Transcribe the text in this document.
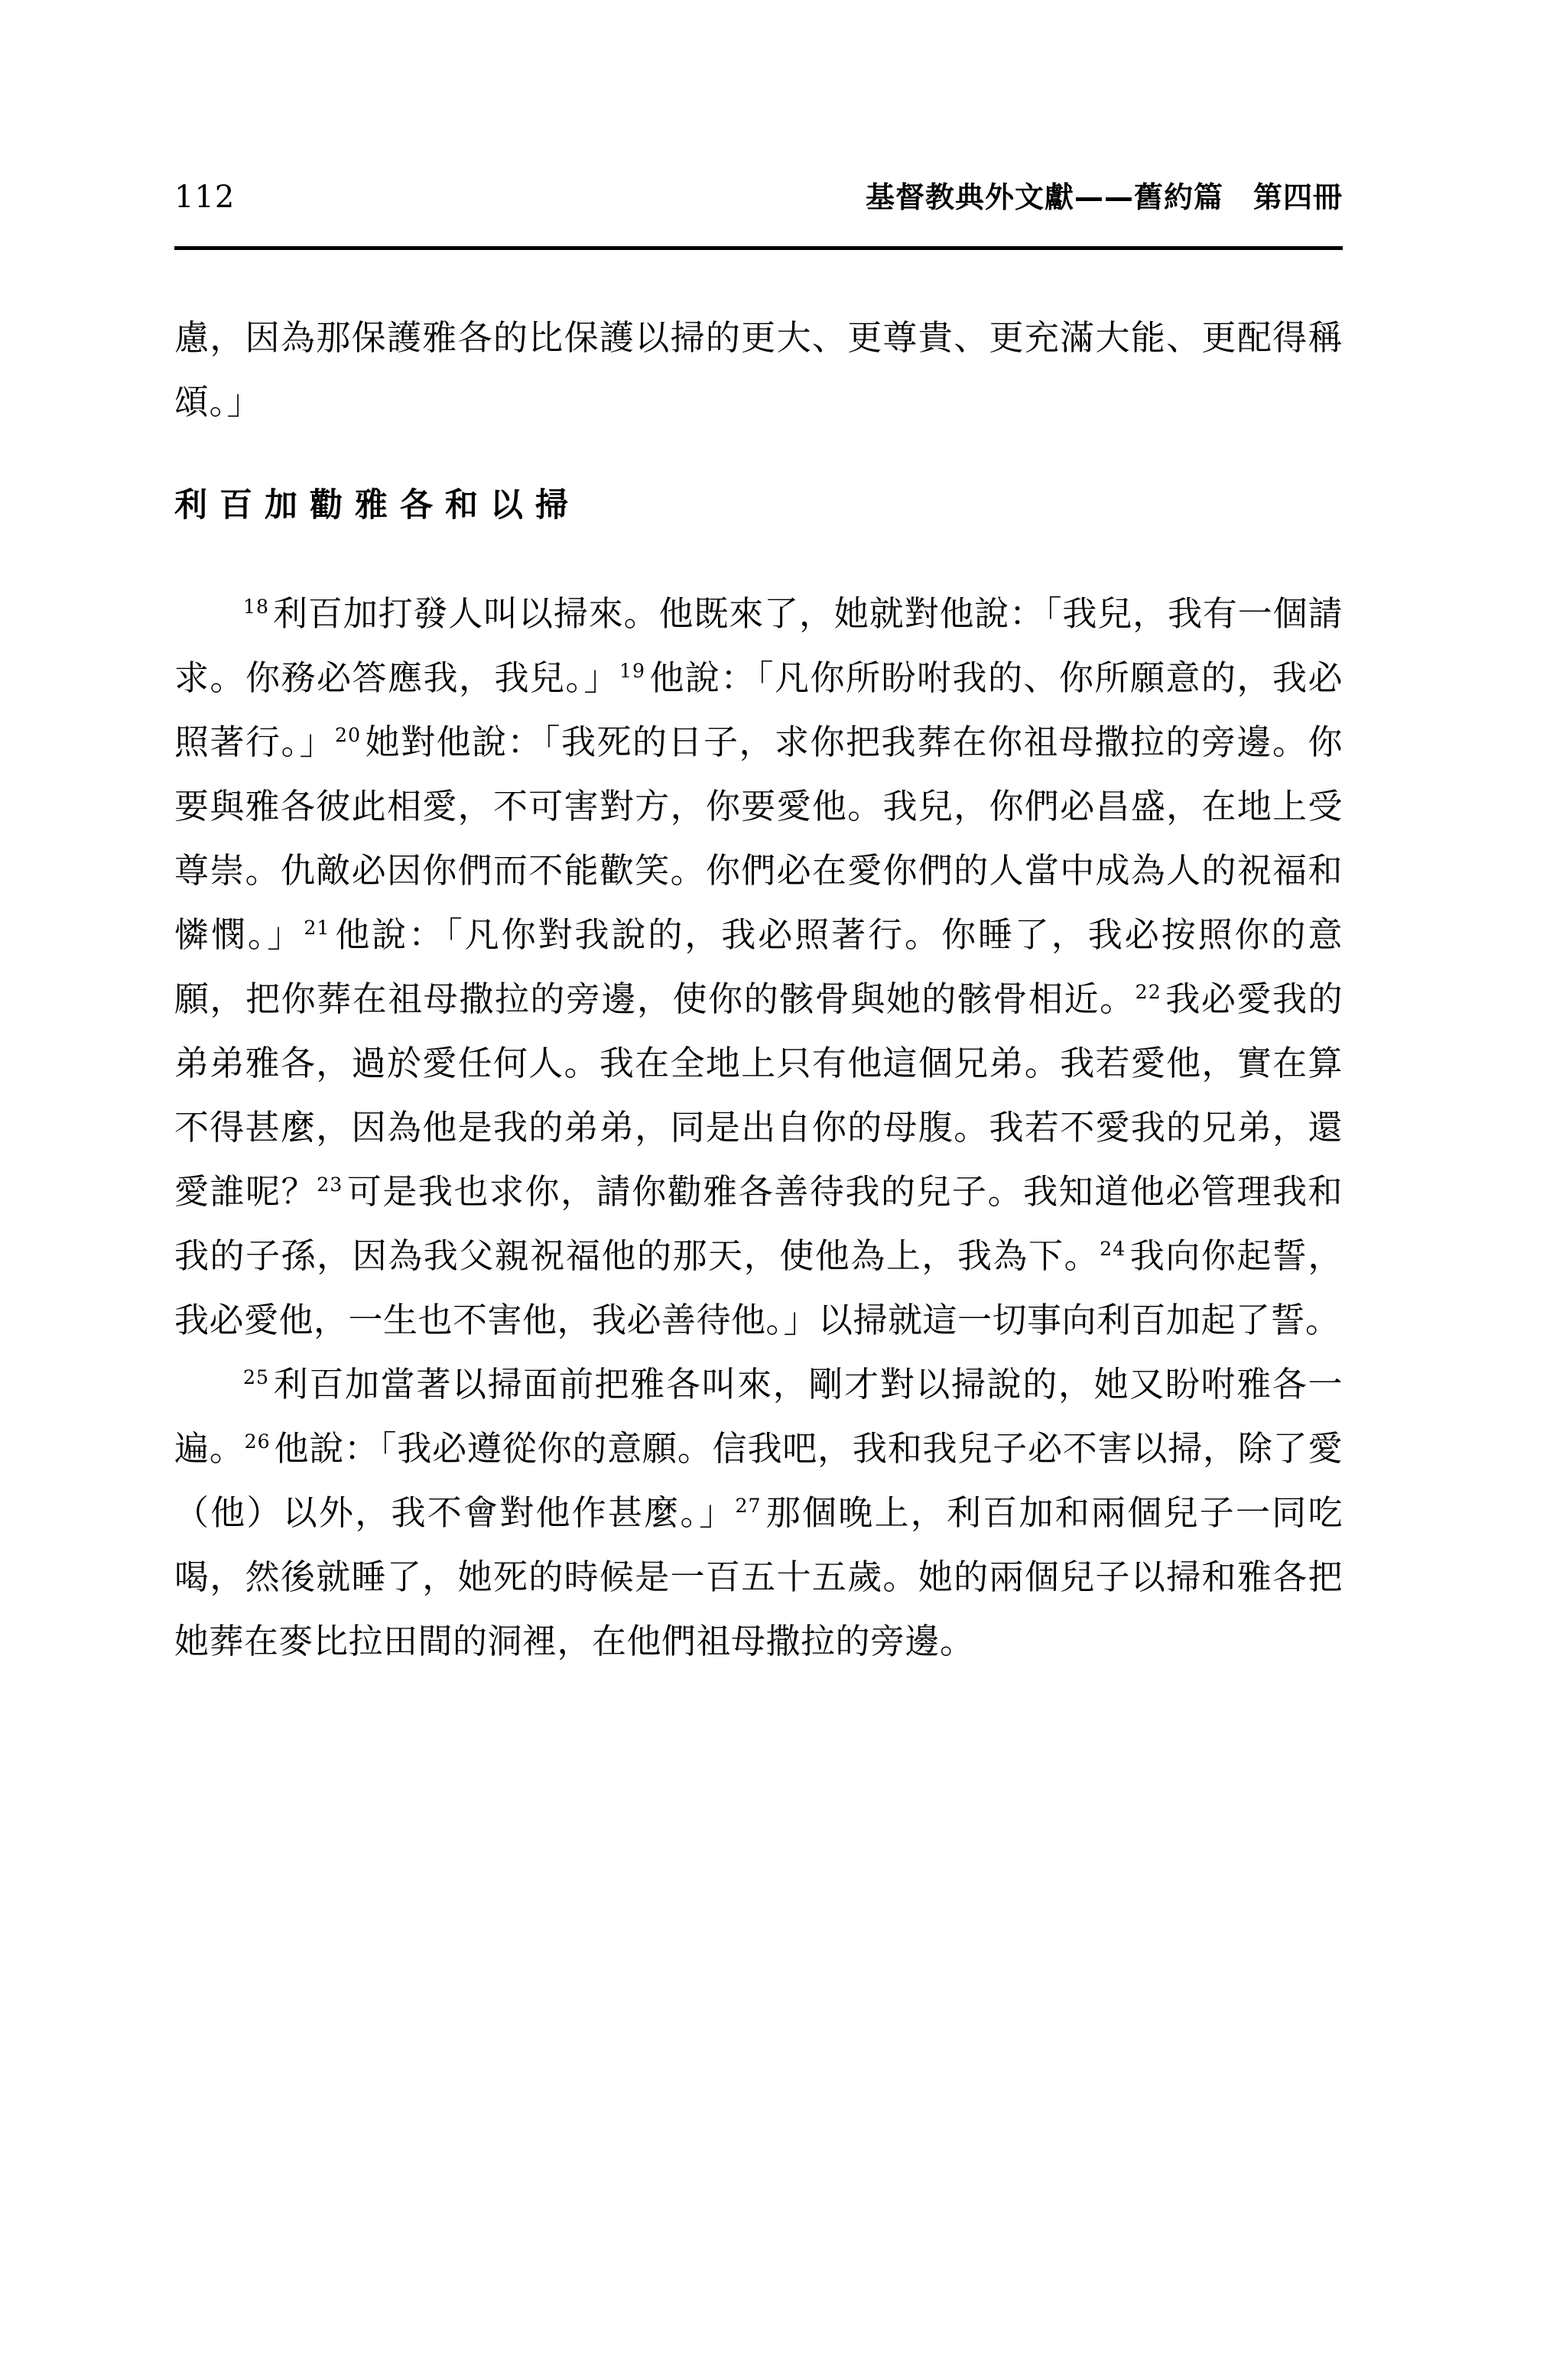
112	基督教典外文獻——舊約篇　第四冊

慮，因為那保護雅各的比保護以掃的更大、更尊貴、更充滿大能、更配得稱頌。」

利百加勸雅各和以掃

$^{18}$ 利百加打發人叫以掃來。他既來了，她就對他說：「我兒，我有一個請求。你務必答應我，我兒。」$^{19}$ 他說：「凡你所盼咐我的、你所願意的，我必照著行。」$^{20}$ 她對他說：「我死的日子，求你把我葬在你祖母撒拉的旁邊。你要與雅各彼此相愛，不可害對方，你要愛他。我兒，你們必昌盛，在地上受尊崇。仇敵必因你們而不能歡笑。你們必在愛你們的人當中成為人的祝福和憐憫。」$^{21}$ 他說：「凡你對我說的，我必照著行。你睡了，我必按照你的意願，把你葬在祖母撒拉的旁邊，使你的骸骨與她的骸骨相近。$^{22}$ 我必愛我的弟弟雅各，過於愛任何人。我在全地上只有他這個兄弟。我若愛他，實在算不得甚麼，因為他是我的弟弟，同是出自你的母腹。我若不愛我的兄弟，還愛誰呢？$^{23}$ 可是我也求你，請你勸雅各善待我的兒子。我知道他必管理我和我的子孫，因為我父親祝福他的那天，使他為上，我為下。$^{24}$ 我向你起誓，我必愛他，一生也不害他，我必善待他。」以掃就這一切事向利百加起了誓。

$^{25}$ 利百加當著以掃面前把雅各叫來，剛才對以掃說的，她又盼咐雅各一遍。$^{26}$ 他說：「我必遵從你的意願。信我吧，我和我兒子必不害以掃，除了愛（他）以外，我不會對他作甚麼。」$^{27}$ 那個晚上，利百加和兩個兒子一同吃喝，然後就睡了，她死的時候是一百五十五歲。她的兩個兒子以掃和雅各把她葬在麥比拉田間的洞裡，在他們祖母撒拉的旁邊。
